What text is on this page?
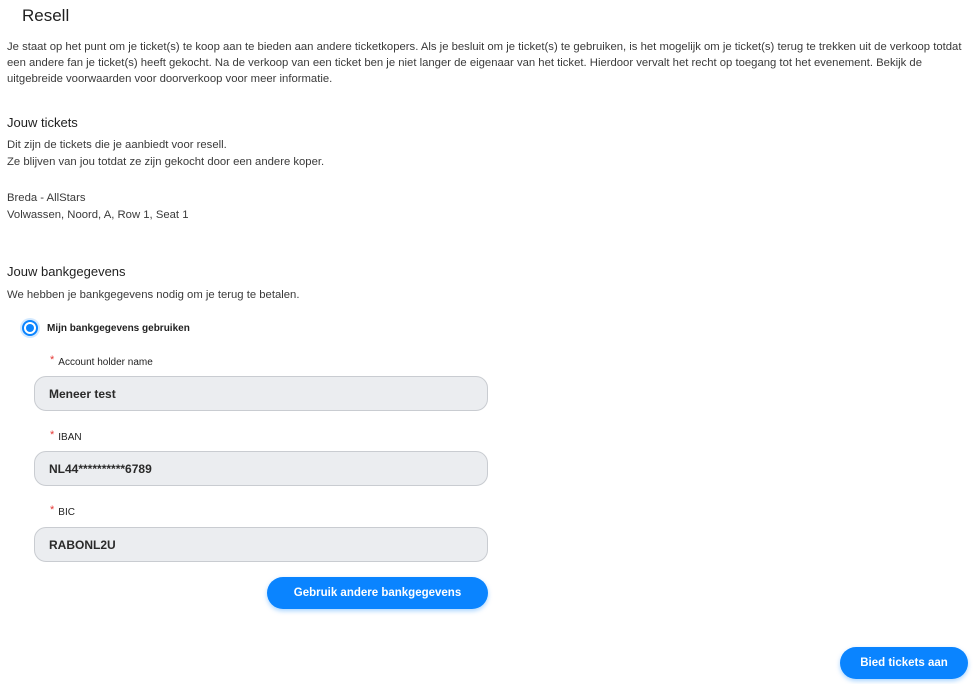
Resell

Je staat op het punt om je ticket(s) te koop aan te bieden aan andere ticketkopers. Als je besluit om je ticket(s) te gebruiken, is het mogelijk om je ticket(s) terug te trekken uit de verkoop totdat een andere fan je ticket(s) heeft gekocht. Na de verkoop van een ticket ben je niet langer de eigenaar van het ticket. Hierdoor vervalt het recht op toegang tot het evenement. Bekijk de uitgebreide voorwaarden voor doorverkoop voor meer informatie.

Jouw tickets

Dit zijn de tickets die je aanbiedt voor resell.

Ze blijven van jou totdat ze zijn gekocht door een andere koper.

Breda - AllStars

Volwassen, Noord, A, Row 1, Seat 1

Jouw bankgegevens

We hebben je bankgegevens nodig om je terug te betalen.

Mijn bankgegevens gebruiken
* Account holder name
Meneer test
* IBAN
NL44**********6789
* BIC
RABONL2U
Gebruik andere bankgegevens
Bied tickets aan
